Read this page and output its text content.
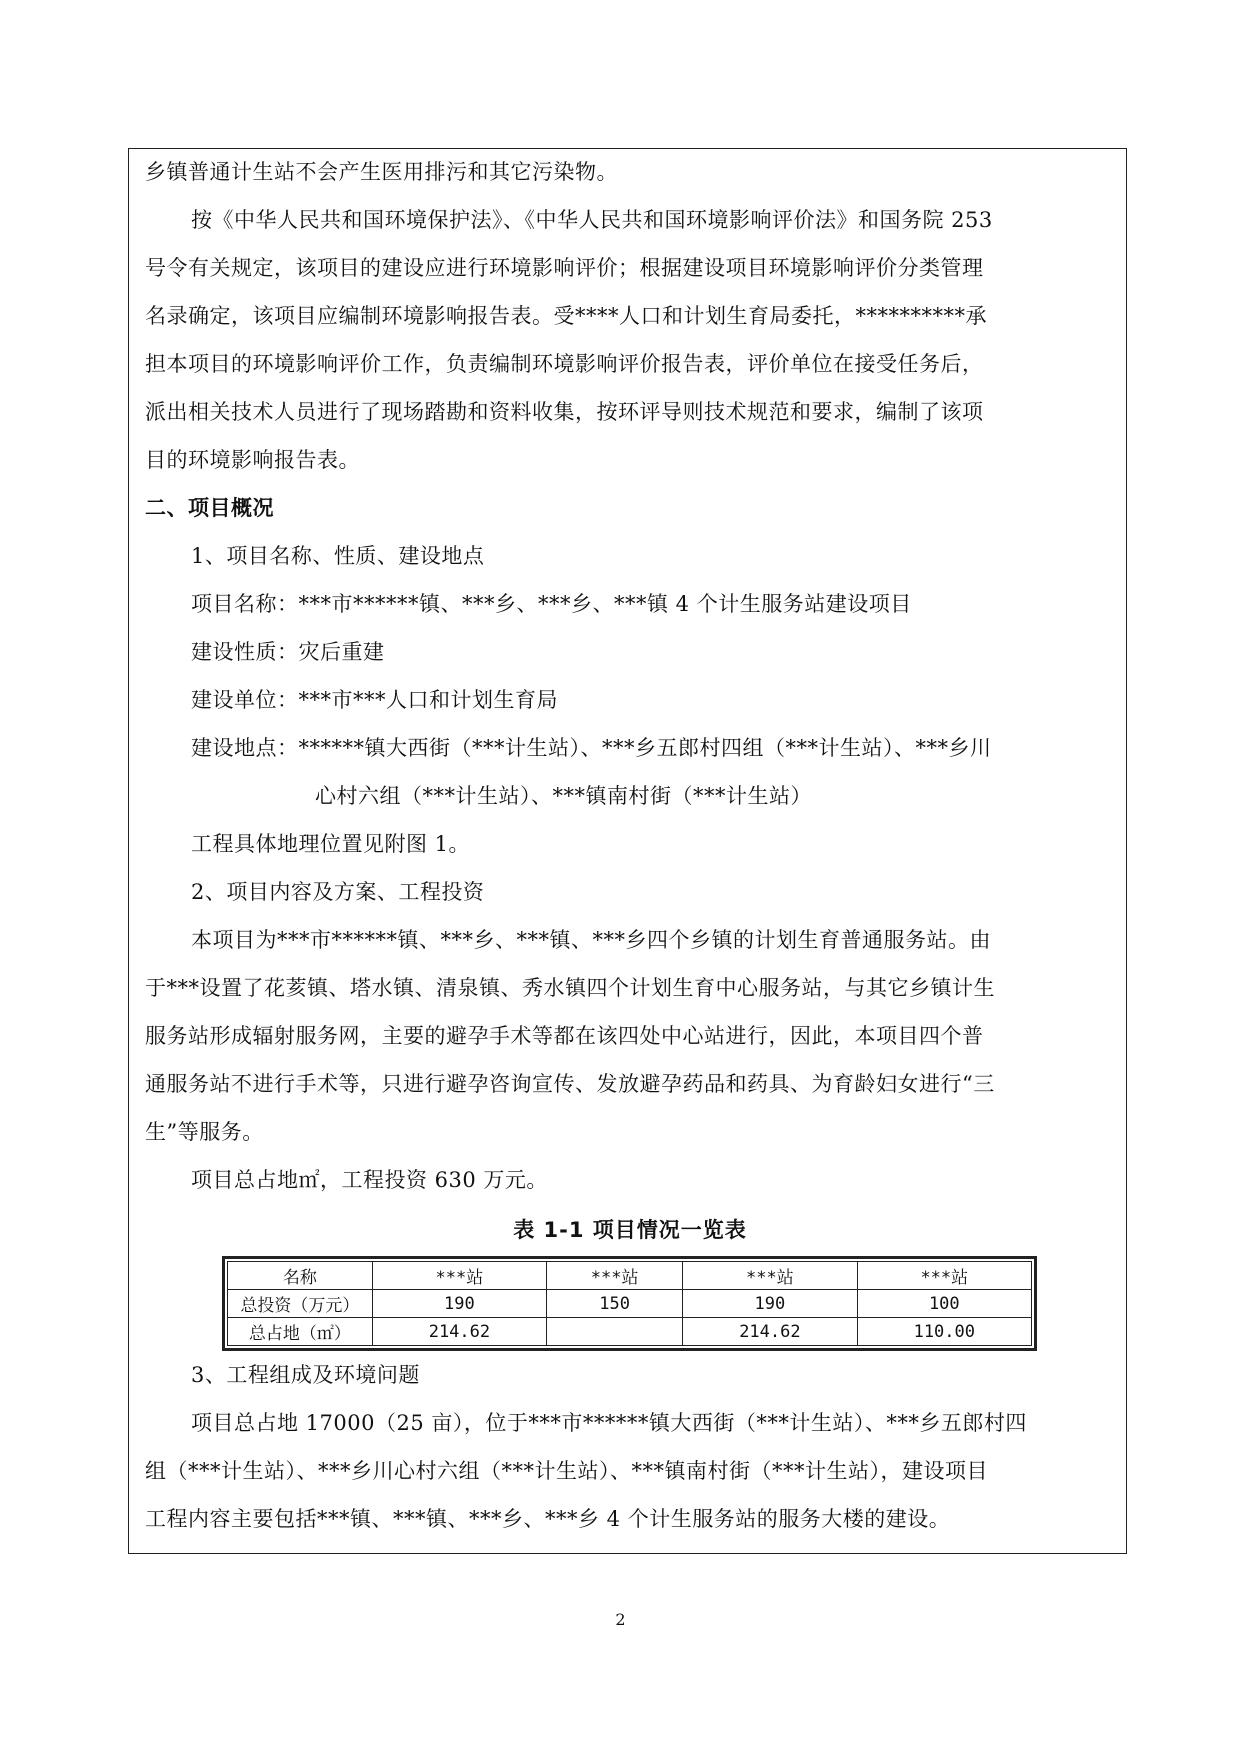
乡镇普通计生站不会产生医用排污和其它污染物。
按《中华人民共和国环境保护法》、《中华人民共和国环境影响评价法》和国务院 253
号令有关规定，该项目的建设应进行环境影响评价；根据建设项目环境影响评价分类管理
名录确定，该项目应编制环境影响报告表。受****人口和计划生育局委托，**********承
担本项目的环境影响评价工作，负责编制环境影响评价报告表，评价单位在接受任务后，
派出相关技术人员进行了现场踏勘和资料收集，按环评导则技术规范和要求，编制了该项
目的环境影响报告表。
二、项目概况
1、项目名称、性质、建设地点
项目名称：***市******镇、***乡、***乡、***镇 4 个计生服务站建设项目
建设性质：灾后重建
建设单位：***市***人口和计划生育局
建设地点：******镇大西街（***计生站）、***乡五郎村四组（***计生站）、***乡川
心村六组（***计生站）、***镇南村街（***计生站）
工程具体地理位置见附图 1。
2、项目内容及方案、工程投资
本项目为***市******镇、***乡、***镇、***乡四个乡镇的计划生育普通服务站。由
于***设置了花荄镇、塔水镇、清泉镇、秀水镇四个计划生育中心服务站，与其它乡镇计生
服务站形成辐射服务网，主要的避孕手术等都在该四处中心站进行，因此，本项目四个普
通服务站不进行手术等，只进行避孕咨询宣传、发放避孕药品和药具、为育龄妇女进行“三
生”等服务。
项目总占地㎡，工程投资 630 万元。
表 1-1 项目情况一览表
名称	***站	***站	***站	***站
总投资（万元）	190	150	190	100
总占地（㎡）	214.62		214.62	110.00
3、工程组成及环境问题
项目总占地 17000（25 亩），位于***市******镇大西街（***计生站）、***乡五郎村四
组（***计生站）、***乡川心村六组（***计生站）、***镇南村街（***计生站），建设项目
工程内容主要包括***镇、***镇、***乡、***乡 4 个计生服务站的服务大楼的建设。
2
